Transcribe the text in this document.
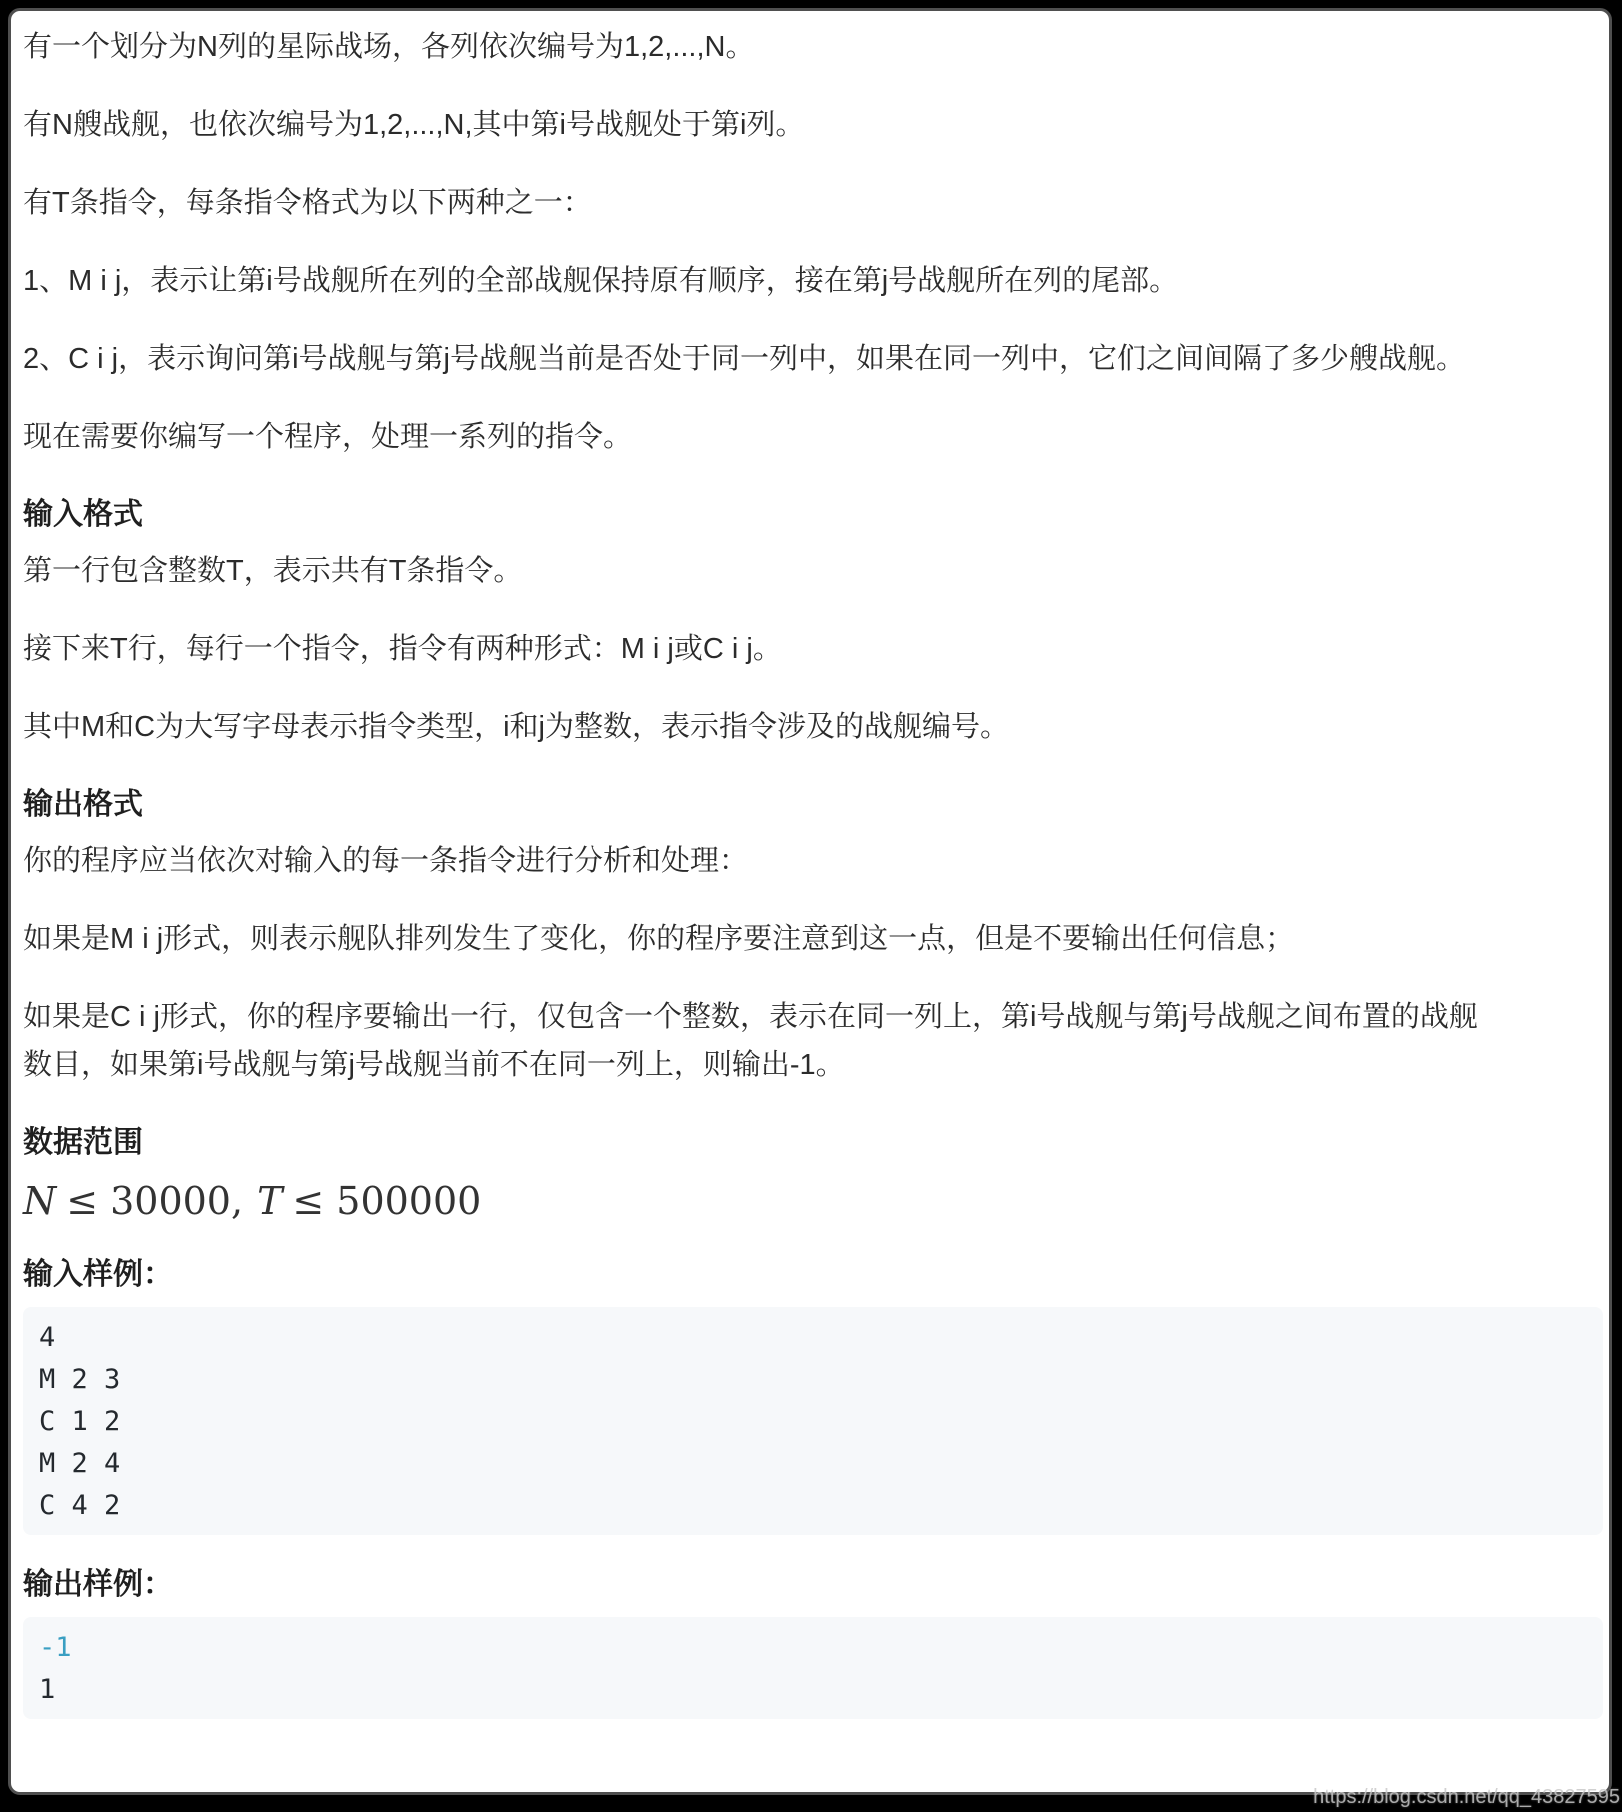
有一个划分为N列的星际战场，各列依次编号为1,2,...,N。

有N艘战舰，也依次编号为1,2,...,N,其中第i号战舰处于第i列。

有T条指令，每条指令格式为以下两种之一：

1、M i j，表示让第i号战舰所在列的全部战舰保持原有顺序，接在第j号战舰所在列的尾部。

2、C i j，表示询问第i号战舰与第j号战舰当前是否处于同一列中，如果在同一列中，它们之间间隔了多少艘战舰。

现在需要你编写一个程序，处理一系列的指令。

输入格式

第一行包含整数T，表示共有T条指令。

接下来T行，每行一个指令，指令有两种形式：M i j或C i j。

其中M和C为大写字母表示指令类型，i和j为整数，表示指令涉及的战舰编号。

输出格式

你的程序应当依次对输入的每一条指令进行分析和处理：

如果是M i j形式，则表示舰队排列发生了变化，你的程序要注意到这一点，但是不要输出任何信息；

如果是C i j形式，你的程序要输出一行，仅包含一个整数，表示在同一列上，第i号战舰与第j号战舰之间布置的战舰
数目，如果第i号战舰与第j号战舰当前不在同一列上，则输出-1。

数据范围

N ≤ 30000, T ≤ 500000

输入样例：
4
M 2 3
C 1 2
M 2 4
C 4 2
输出样例：
-1
1
https://blog.csdn.net/qq_43827595
